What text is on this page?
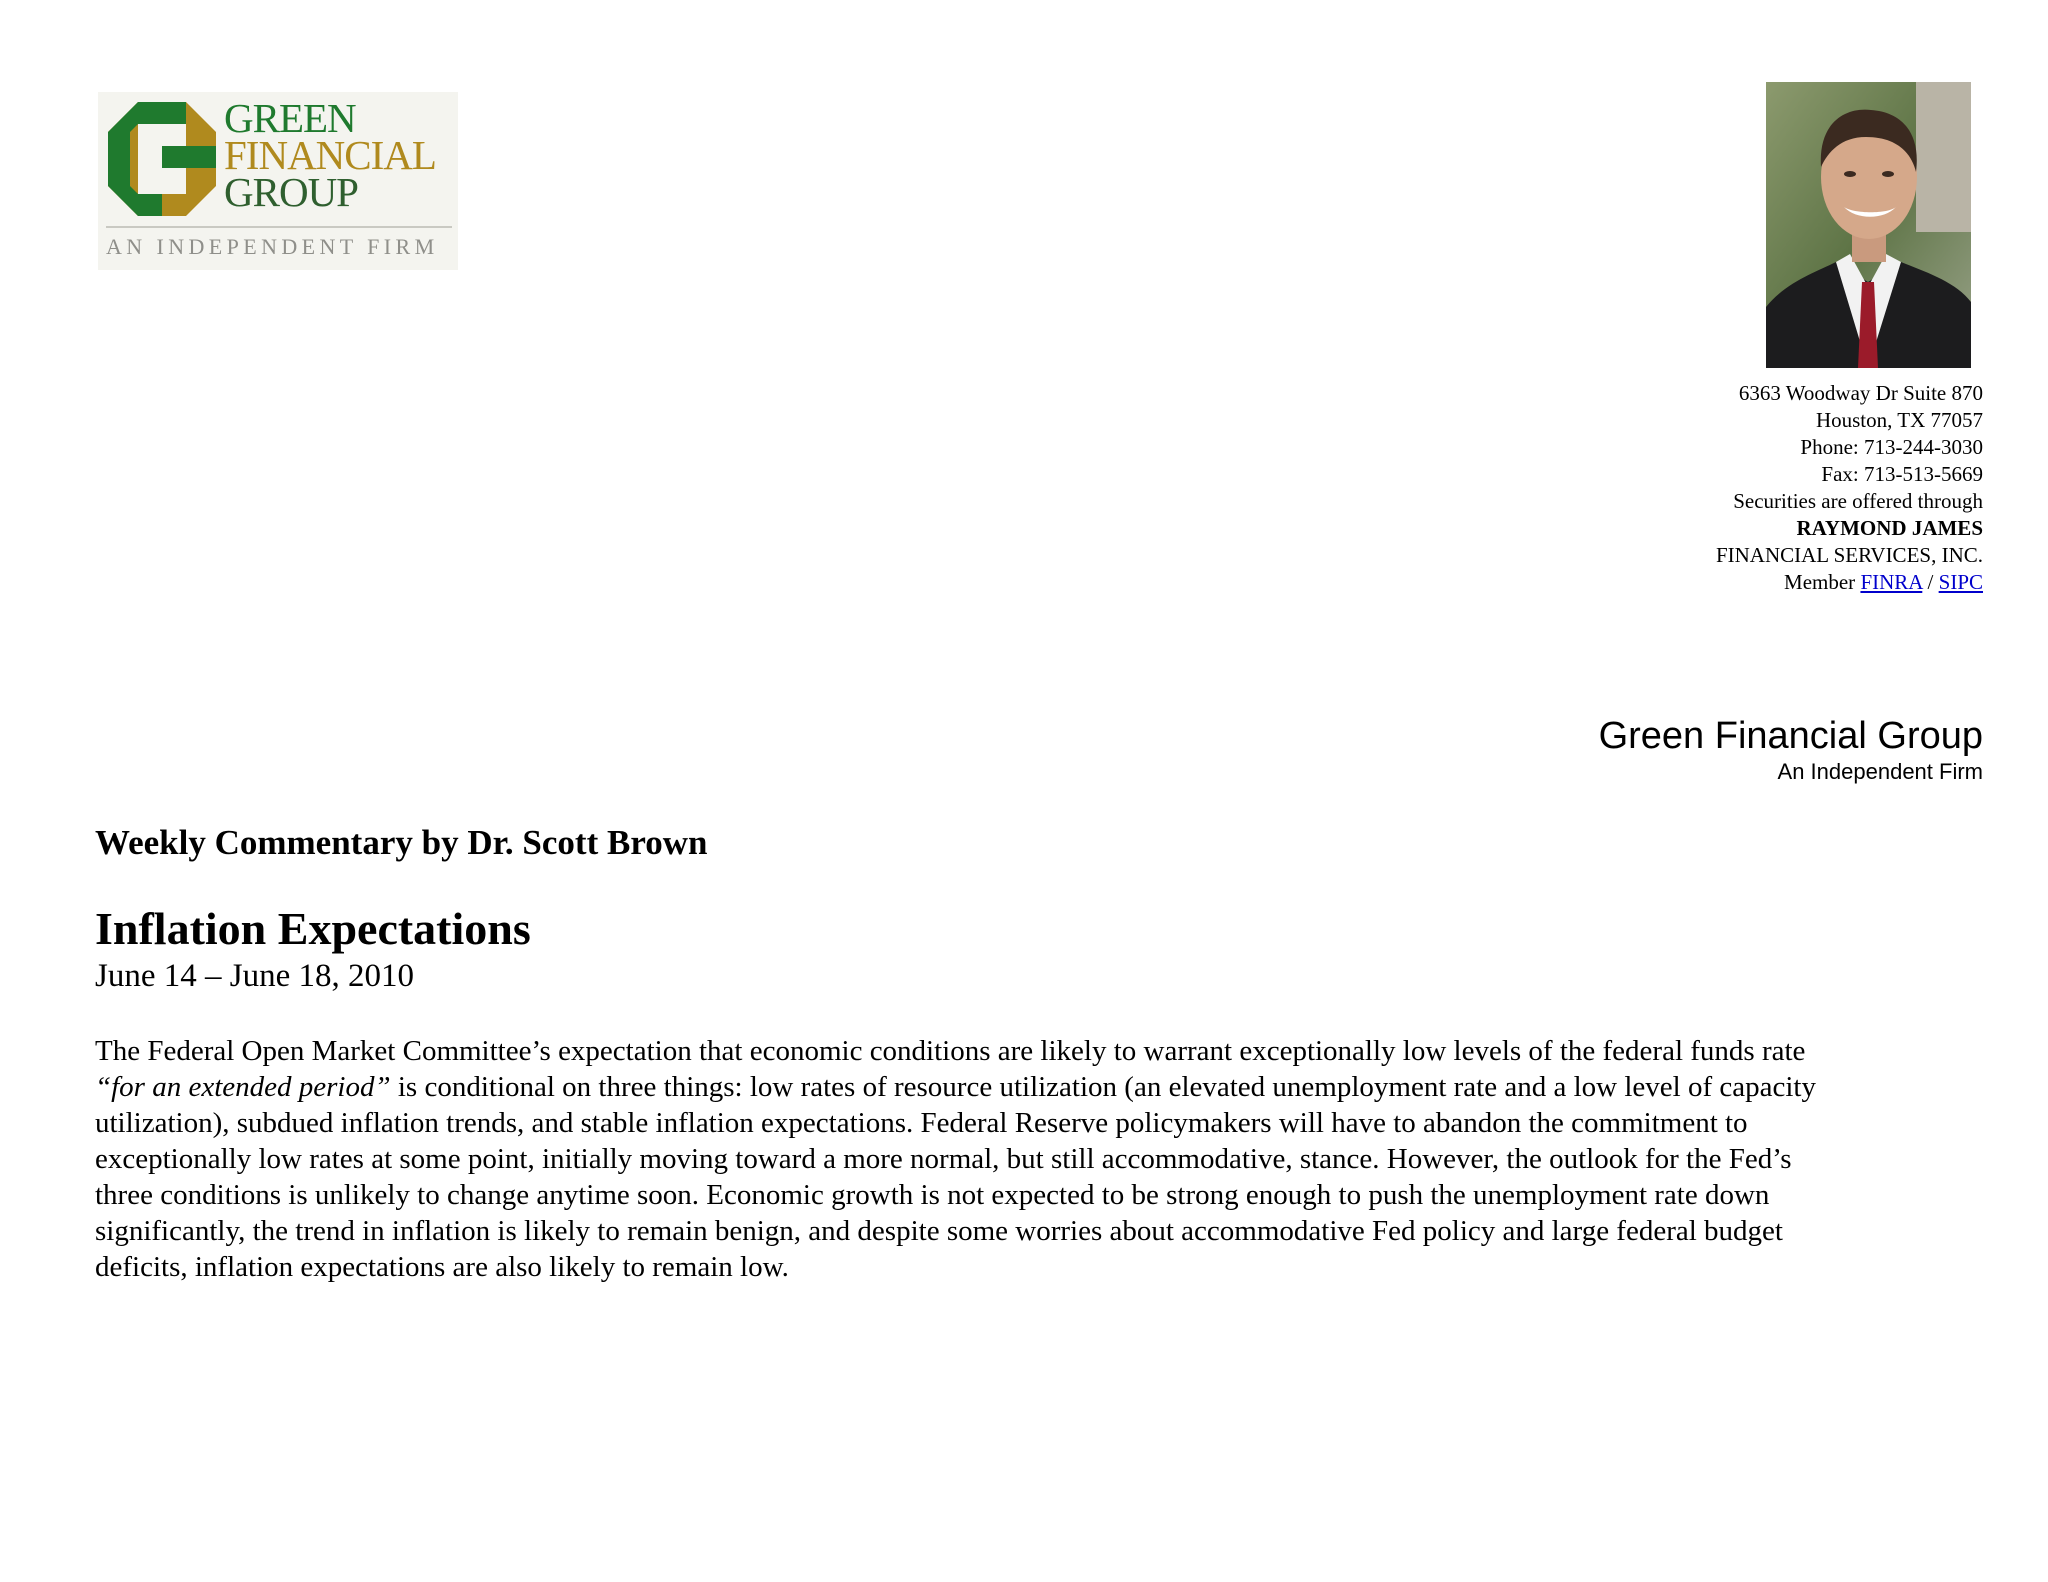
GREEN
FINANCIAL
GROUP
AN INDEPENDENT FIRM
6363 Woodway Dr Suite 870
Houston, TX 77057
Phone: 713-244-3030
Fax: 713-513-5669
Securities are offered through
RAYMOND JAMES
FINANCIAL SERVICES, INC.
Member FINRA / SIPC
Green Financial Group
An Independent Firm
Weekly Commentary by Dr. Scott Brown
Inflation Expectations
June 14 – June 18, 2010
The Federal Open Market Committee’s expectation that economic conditions are likely to warrant exceptionally low levels of the federal funds rate
“for an extended period” is conditional on three things: low rates of resource utilization (an elevated unemployment rate and a low level of capacity
utilization), subdued inflation trends, and stable inflation expectations. Federal Reserve policymakers will have to abandon the commitment to
exceptionally low rates at some point, initially moving toward a more normal, but still accommodative, stance. However, the outlook for the Fed’s
three conditions is unlikely to change anytime soon. Economic growth is not expected to be strong enough to push the unemployment rate down
significantly, the trend in inflation is likely to remain benign, and despite some worries about accommodative Fed policy and large federal budget
deficits, inflation expectations are also likely to remain low.
